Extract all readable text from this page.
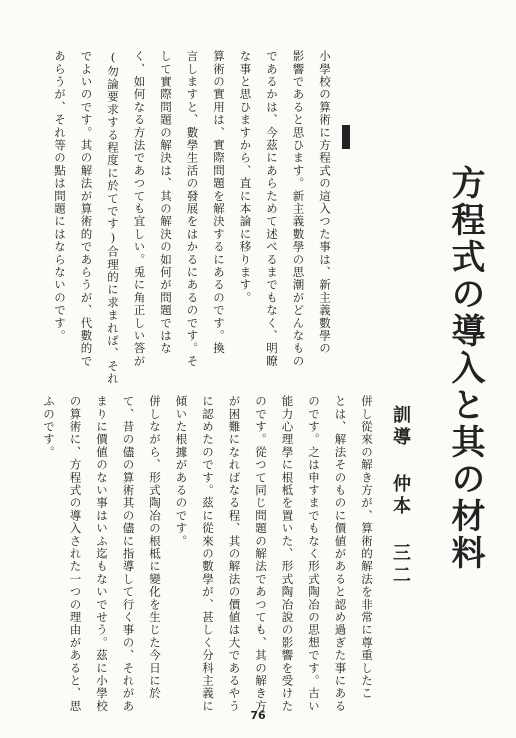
方程式の導入と其の材料
訓導 仲本 三二

小學校の算術に方程式の這入つた事は、新主義數學の

影響であると思ひます。新主義數學の思潮がどんなもの

であるかは、今茲にあらためて述べるまでもなく、明瞭

な事と思ひますから、直に本論に移ります。

算術の實用は、實際問題を解決するにあるのです。換

言しますと、數學生活の發展をはかるにあるのです。そ

して實際問題の解決は、其の解決の如何が問題ではな

く、如何なる方法であつても宜しい。兎に角正しい答が

(勿論要求する程度に於てです)合理的に求まれば、それ

でよいのです。其の解法が算術的であらうが、代數的で

あらうが、それ等の點は問題にはならないのです。

併し從來の解き方が、算術的解法を非常に尊重したこ

とは、解法そのものに價値があると認め過ぎた事にある

のです。之は申すまでもなく形式陶冶の思想です。古い

能力心理學に根柢を置いた、形式陶冶說の影響を受けた

のです。從つて同じ問題の解法であつても、其の解き方

が困難になればなる程、其の解法の價値は大であるやう

に認めたのです。茲に從來の數學が、甚しく分科主義に

傾いた根據があるのです。

併しながら、形式陶冶の根柢に變化を生じた今日に於

て、昔の儘の算術其の儘に指導して行く事の、それがあ

まりに價値のない事はいふ迄もないでせう。茲に小學校

の算術に、方程式の導入された一つの理由があると、思

ふのです。

76
